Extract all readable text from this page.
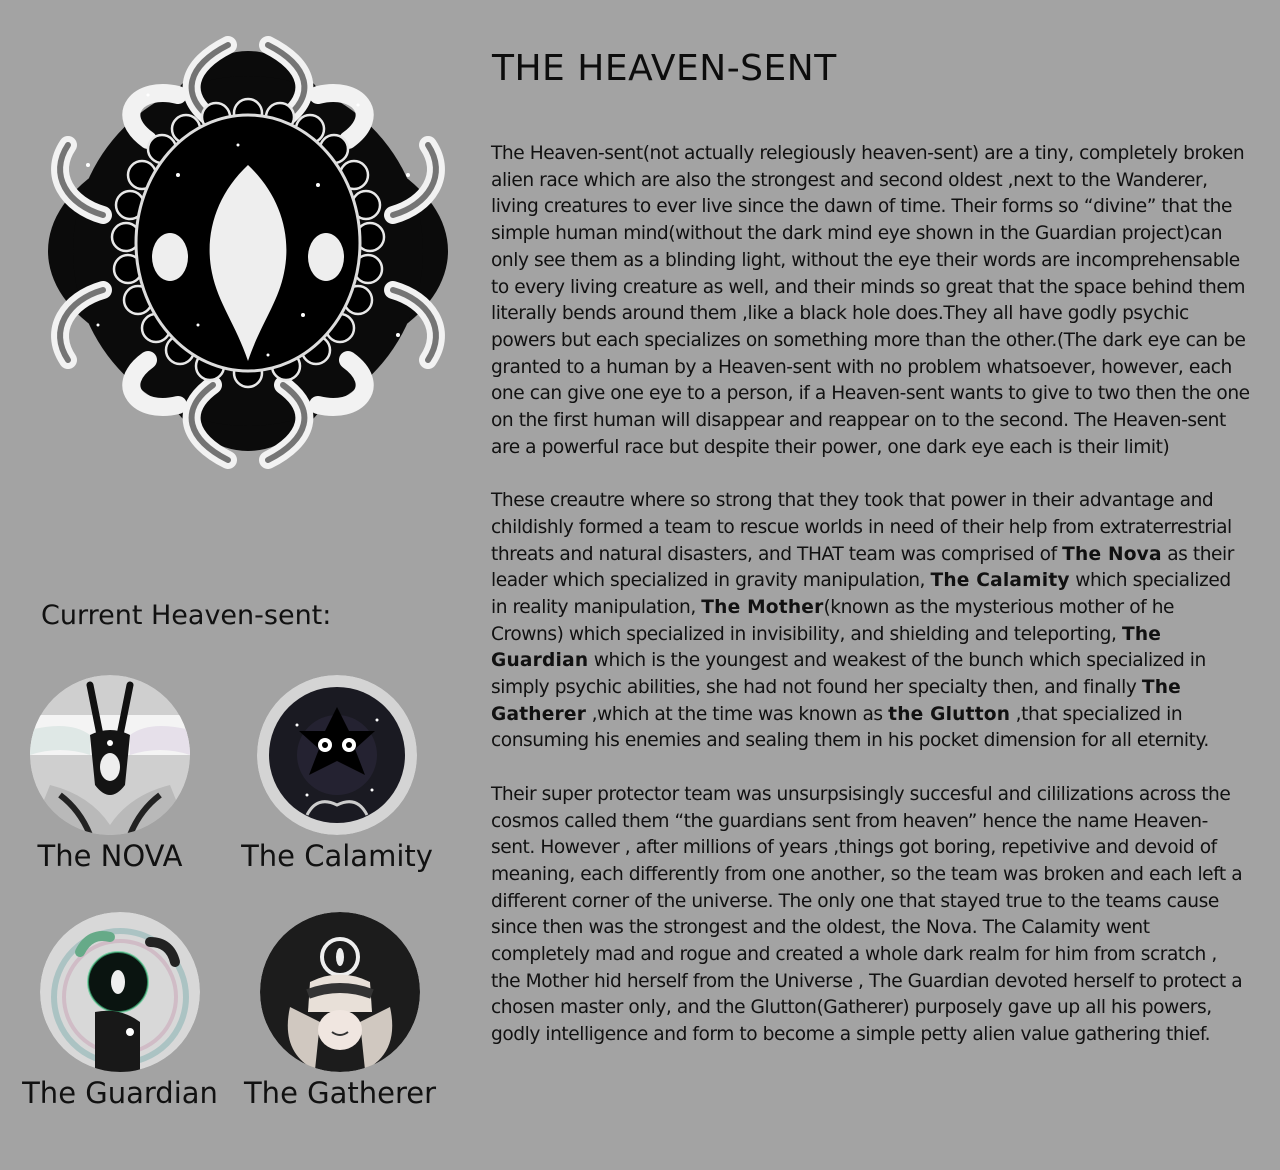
THE HEAVEN-SENT

The Heaven-sent(not actually relegiously heaven-sent) are a tiny, completely broken alien race which are also the strongest and second oldest ,next to the Wanderer, living creatures to ever live since the dawn of time. Their forms so “divine” that the simple human mind(without the dark mind eye shown in the Guardian project)can only see them as a blinding light, without the eye their words are incomprehensable to every living creature as well, and their minds so great that the space behind them literally bends around them ,like a black hole does.They all have godly psychic powers but each specializes on something more than the other.(The dark eye can be granted to a human by a Heaven-sent with no problem whatsoever, however, each one can give one eye to a person, if a Heaven-sent wants to give to two then the one on the first human will disappear and reappear on to the second. The Heaven-sent are a powerful race but despite their power, one dark eye each is their limit)

These creautre where so strong that they took that power in their advantage and childishly formed a team to rescue worlds in need of their help from extraterrestrial threats and natural disasters, and THAT team was comprised of The Nova as their leader which specialized in gravity manipulation, The Calamity which specialized in reality manipulation, The Mother(known as the mysterious mother of he Crowns) which specialized in invisibility, and shielding and teleporting, The Guardian which is the youngest and weakest of the bunch which specialized in simply psychic abilities, she had not found her specialty then, and finally The Gatherer ,which at the time was known as the Glutton ,that specialized in consuming his enemies and sealing them in his pocket dimension for all eternity.

Their super protector team was unsurpsisingly succesful and cililizations across the cosmos called them “the guardians sent from heaven” hence the name Heaven-sent. However , after millions of years ,things got boring, repetivive and devoid of meaning, each differently from one another, so the team was broken and each left a different corner of the universe. The only one that stayed true to the teams cause since then was the strongest and the oldest, the Nova. The Calamity went completely mad and rogue and created a whole dark realm for him from scratch , the Mother hid herself from the Universe , The Guardian devoted herself to protect a chosen master only, and the Glutton(Gatherer) purposely gave up all his powers, godly intelligence and form to become a simple petty alien value gathering thief.

Current Heaven-sent:
The NOVA	The Calamity
The Guardian The Gatherer
